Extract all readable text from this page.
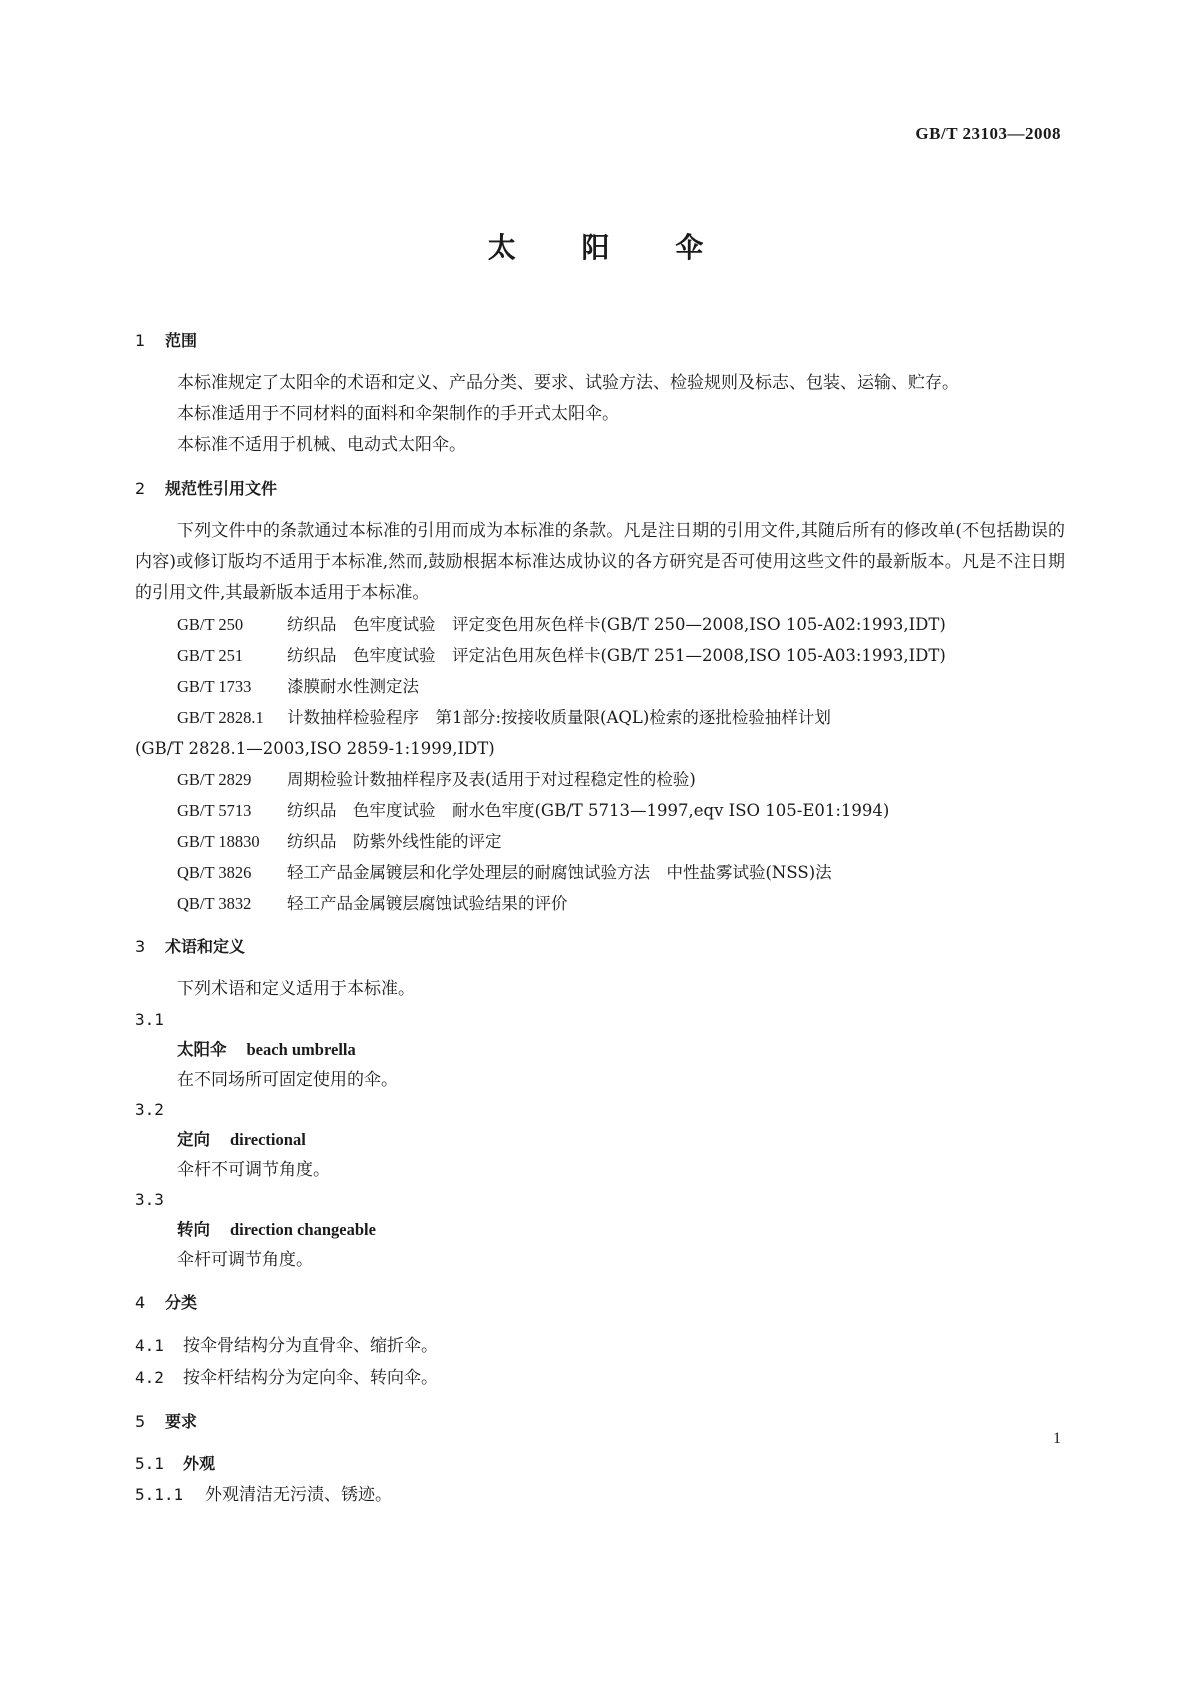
GB/T 23103—2008
太 阳 伞
1 范围

本标准规定了太阳伞的术语和定义、产品分类、要求、试验方法、检验规则及标志、包装、运输、贮存。

本标准适用于不同材料的面料和伞架制作的手开式太阳伞。

本标准不适用于机械、电动式太阳伞。

2 规范性引用文件

下列文件中的条款通过本标准的引用而成为本标准的条款。凡是注日期的引用文件,其随后所有的修改单(不包括勘误的内容)或修订版均不适用于本标准,然而,鼓励根据本标准达成协议的各方研究是否可使用这些文件的最新版本。凡是不注日期的引用文件,其最新版本适用于本标准。

GB/T 250	纺织品　色牢度试验　评定变色用灰色样卡(GB/T 250—2008,ISO 105-A02:1993,IDT)

GB/T 251	纺织品　色牢度试验　评定沾色用灰色样卡(GB/T 251—2008,ISO 105-A03:1993,IDT)

GB/T 1733 漆膜耐水性测定法

GB/T 2828.1 计数抽样检验程序　第1部分:按接收质量限(AQL)检索的逐批检验抽样计划

(GB/T 2828.1—2003,ISO 2859-1:1999,IDT)

GB/T 2829 周期检验计数抽样程序及表(适用于对过程稳定性的检验)

GB/T 5713 纺织品　色牢度试验　耐水色牢度(GB/T 5713—1997,eqv ISO 105-E01:1994)

GB/T 18830 纺织品　防紫外线性能的评定

QB/T 3826 轻工产品金属镀层和化学处理层的耐腐蚀试验方法　中性盐雾试验(NSS)法

QB/T 3832 轻工产品金属镀层腐蚀试验结果的评价

3 术语和定义

下列术语和定义适用于本标准。

3.1

太阳伞 beach umbrella

在不同场所可固定使用的伞。

3.2

定向 directional

伞杆不可调节角度。

3.3

转向 direction changeable

伞杆可调节角度。

4 分类

4.1 按伞骨结构分为直骨伞、缩折伞。

4.2 按伞杆结构分为定向伞、转向伞。

5 要求
5.1 外观

5.1.1 外观清洁无污渍、锈迹。

1
